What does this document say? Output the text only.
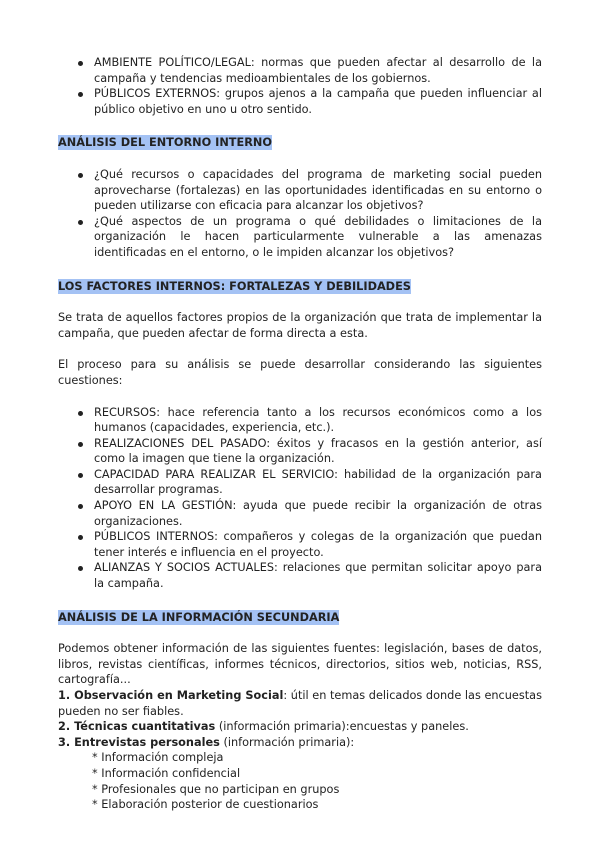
AMBIENTE POLÍTICO/LEGAL: normas que pueden afectar al desarrollo de la campaña y tendencias medioambientales de los gobiernos.
PÚBLICOS EXTERNOS: grupos ajenos a la campaña que pueden influenciar al público objetivo en uno u otro sentido.
ANÁLISIS DEL ENTORNO INTERNO
¿Qué recursos o capacidades del programa de marketing social pueden aprovecharse (fortalezas) en las oportunidades identificadas en su entorno o pueden utilizarse con eficacia para alcanzar los objetivos?
¿Qué aspectos de un programa o qué debilidades o limitaciones de la organización le hacen particularmente vulnerable a las amenazas identificadas en el entorno, o le impiden alcanzar los objetivos?
LOS FACTORES INTERNOS: FORTALEZAS Y DEBILIDADES

Se trata de aquellos factores propios de la organización que trata de implementar la campaña, que pueden afectar de forma directa a esta.

El proceso para su análisis se puede desarrollar considerando las siguientes cuestiones:

RECURSOS: hace referencia tanto a los recursos económicos como a los humanos (capacidades, experiencia, etc.).
REALIZACIONES DEL PASADO: éxitos y fracasos en la gestión anterior, así como la imagen que tiene la organización.
CAPACIDAD PARA REALIZAR EL SERVICIO: habilidad de la organización para desarrollar programas.
APOYO EN LA GESTIÓN: ayuda que puede recibir la organización de otras organizaciones.
PÚBLICOS INTERNOS: compañeros y colegas de la organización que puedan tener interés e influencia en el proyecto.
ALIANZAS Y SOCIOS ACTUALES: relaciones que permitan solicitar apoyo para la campaña.
ANÁLISIS DE LA INFORMACIÓN SECUNDARIA

Podemos obtener información de las siguientes fuentes: legislación, bases de datos, libros, revistas científicas, informes técnicos, directorios, sitios web, noticias, RSS, cartografía...

1. Observación en Marketing Social: útil en temas delicados donde las encuestas pueden no ser fiables.

2. Técnicas cuantitativas (información primaria):encuestas y paneles.

3. Entrevistas personales (información primaria):

* Información compleja
* Información confidencial
* Profesionales que no participan en grupos
* Elaboración posterior de cuestionarios
